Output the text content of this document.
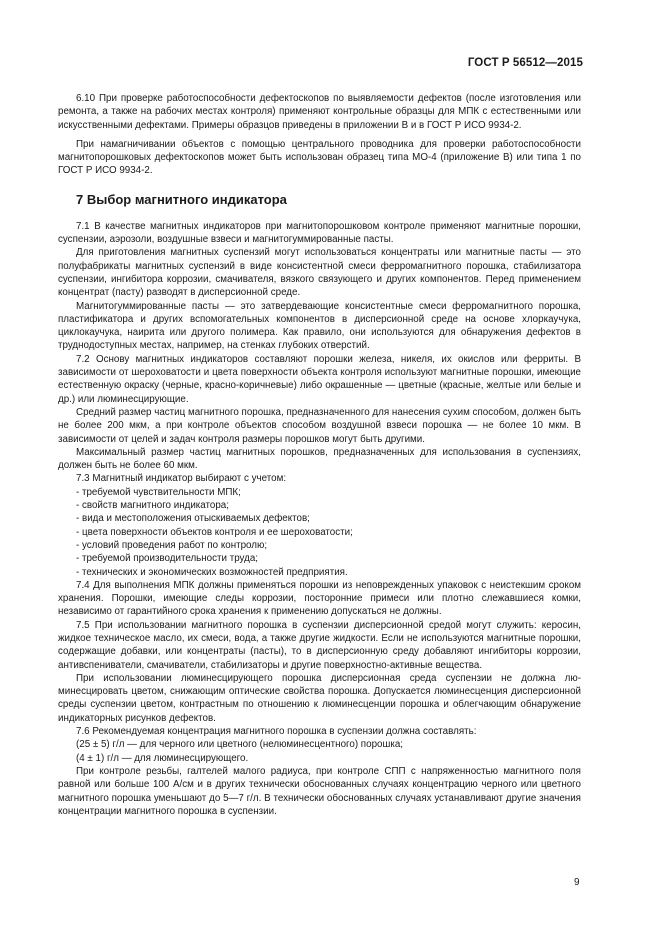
ГОСТ Р 56512—2015

6.10 При проверке работоспособности дефектоскопов по выявляемости дефектов (после изготовления или ремонта, а также на рабочих местах контроля) применяют контрольные образцы для МПК с естественными или искусственными дефектами. Примеры образцов приведены в приложении В и в ГОСТ Р ИСО 9934-2.

При намагничивании объектов с помощью центрального проводника для проверки работоспособности магнитопорошковых дефектоскопов может быть использован образец типа МО-4 (приложение В) или типа 1 по ГОСТ Р ИСО 9934-2.

7 Выбор магнитного индикатора

7.1 В качестве магнитных индикаторов при магнитопорошковом контроле применяют магнитные порошки, суспензии, аэрозоли, воздушные взвеси и магнитогуммированные пасты.

Для приготовления магнитных суспензий могут использоваться концентраты или магнитные пасты — это полуфабрикаты магнитных суспензий в виде консистентной смеси ферромагнитного порошка, стабилизатора суспензии, ингибитора коррозии, смачивателя, вязкого связующего и других компонентов. Перед применением концентрат (пасту) разводят в дисперсионной среде.

Магнитогуммированные пасты — это затвердевающие консистентные смеси ферромагнитного порошка, пластификатора и других вспомогательных компонентов в дисперсионной среде на основе хлоркаучука, циклокаучука, наирита или другого полимера. Как правило, они используются для обнаружения дефектов в труднодоступных местах, например, на стенках глубоких отверстий.

7.2 Основу магнитных индикаторов составляют порошки железа, никеля, их окислов или ферриты. В зависимости от шероховатости и цвета поверхности объекта контроля используют магнитные порошки, имеющие естественную окраску (черные, красно-коричневые) либо окрашенные — цветные (красные, желтые или белые и др.) или люминесцирующие.

Средний размер частиц магнитного порошка, предназначенного для нанесения сухим способом, должен быть не более 200 мкм, а при контроле объектов способом воздушной взвеси порошка — не более 10 мкм. В зависимости от целей и задач контроля размеры порошков могут быть другими.

Максимальный размер частиц магнитных порошков, предназначенных для использования в суспензиях, должен быть не более 60 мкм.

7.3 Магнитный индикатор выбирают с учетом:

- требуемой чувствительности МПК;

- свойств магнитного индикатора;

- вида и местоположения отыскиваемых дефектов;

- цвета поверхности объектов контроля и ее шероховатости;

- условий проведения работ по контролю;

- требуемой производительности труда;

- технических и экономических возможностей предприятия.

7.4 Для выполнения МПК должны применяться порошки из неповрежденных упаковок с неистекшим сроком хранения. Порошки, имеющие следы коррозии, посторонние примеси или плотно слежавшиеся комки, независимо от гарантийного срока хранения к применению допускаться не должны.

7.5 При использовании магнитного порошка в суспензии дисперсионной средой могут служить: керосин, жидкое техническое масло, их смеси, вода, а также другие жидкости. Если не используются магнитные порошки, содержащие добавки, или концентраты (пасты), то в дисперсионную среду добавляют ингибиторы коррозии, антивспениватели, смачиватели, стабилизаторы и другие поверхностно-активные вещества.

При использовании люминесцирующего порошка дисперсионная среда суспензии не должна люминесцировать цветом, снижающим оптические свойства порошка. Допускается люминесценция дисперсионной среды суспензии цветом, контрастным по отношению к люминесценции порошка и облегчающим обнаружение индикаторных рисунков дефектов.

7.6 Рекомендуемая концентрация магнитного порошка в суспензии должна составлять:

(25 ± 5) г/л — для черного или цветного (нелюминесцентного) порошка;

(4 ± 1) г/л — для люминесцирующего.

При контроле резьбы, галтелей малого радиуса, при контроле СПП с напряженностью магнитного поля равной или больше 100 А/см и в других технически обоснованных случаях концентрацию черного или цветного магнитного порошка уменьшают до 5—7 г/л. В технически обоснованных случаях устанавливают другие значения концентрации магнитного порошка в суспензии.

9
